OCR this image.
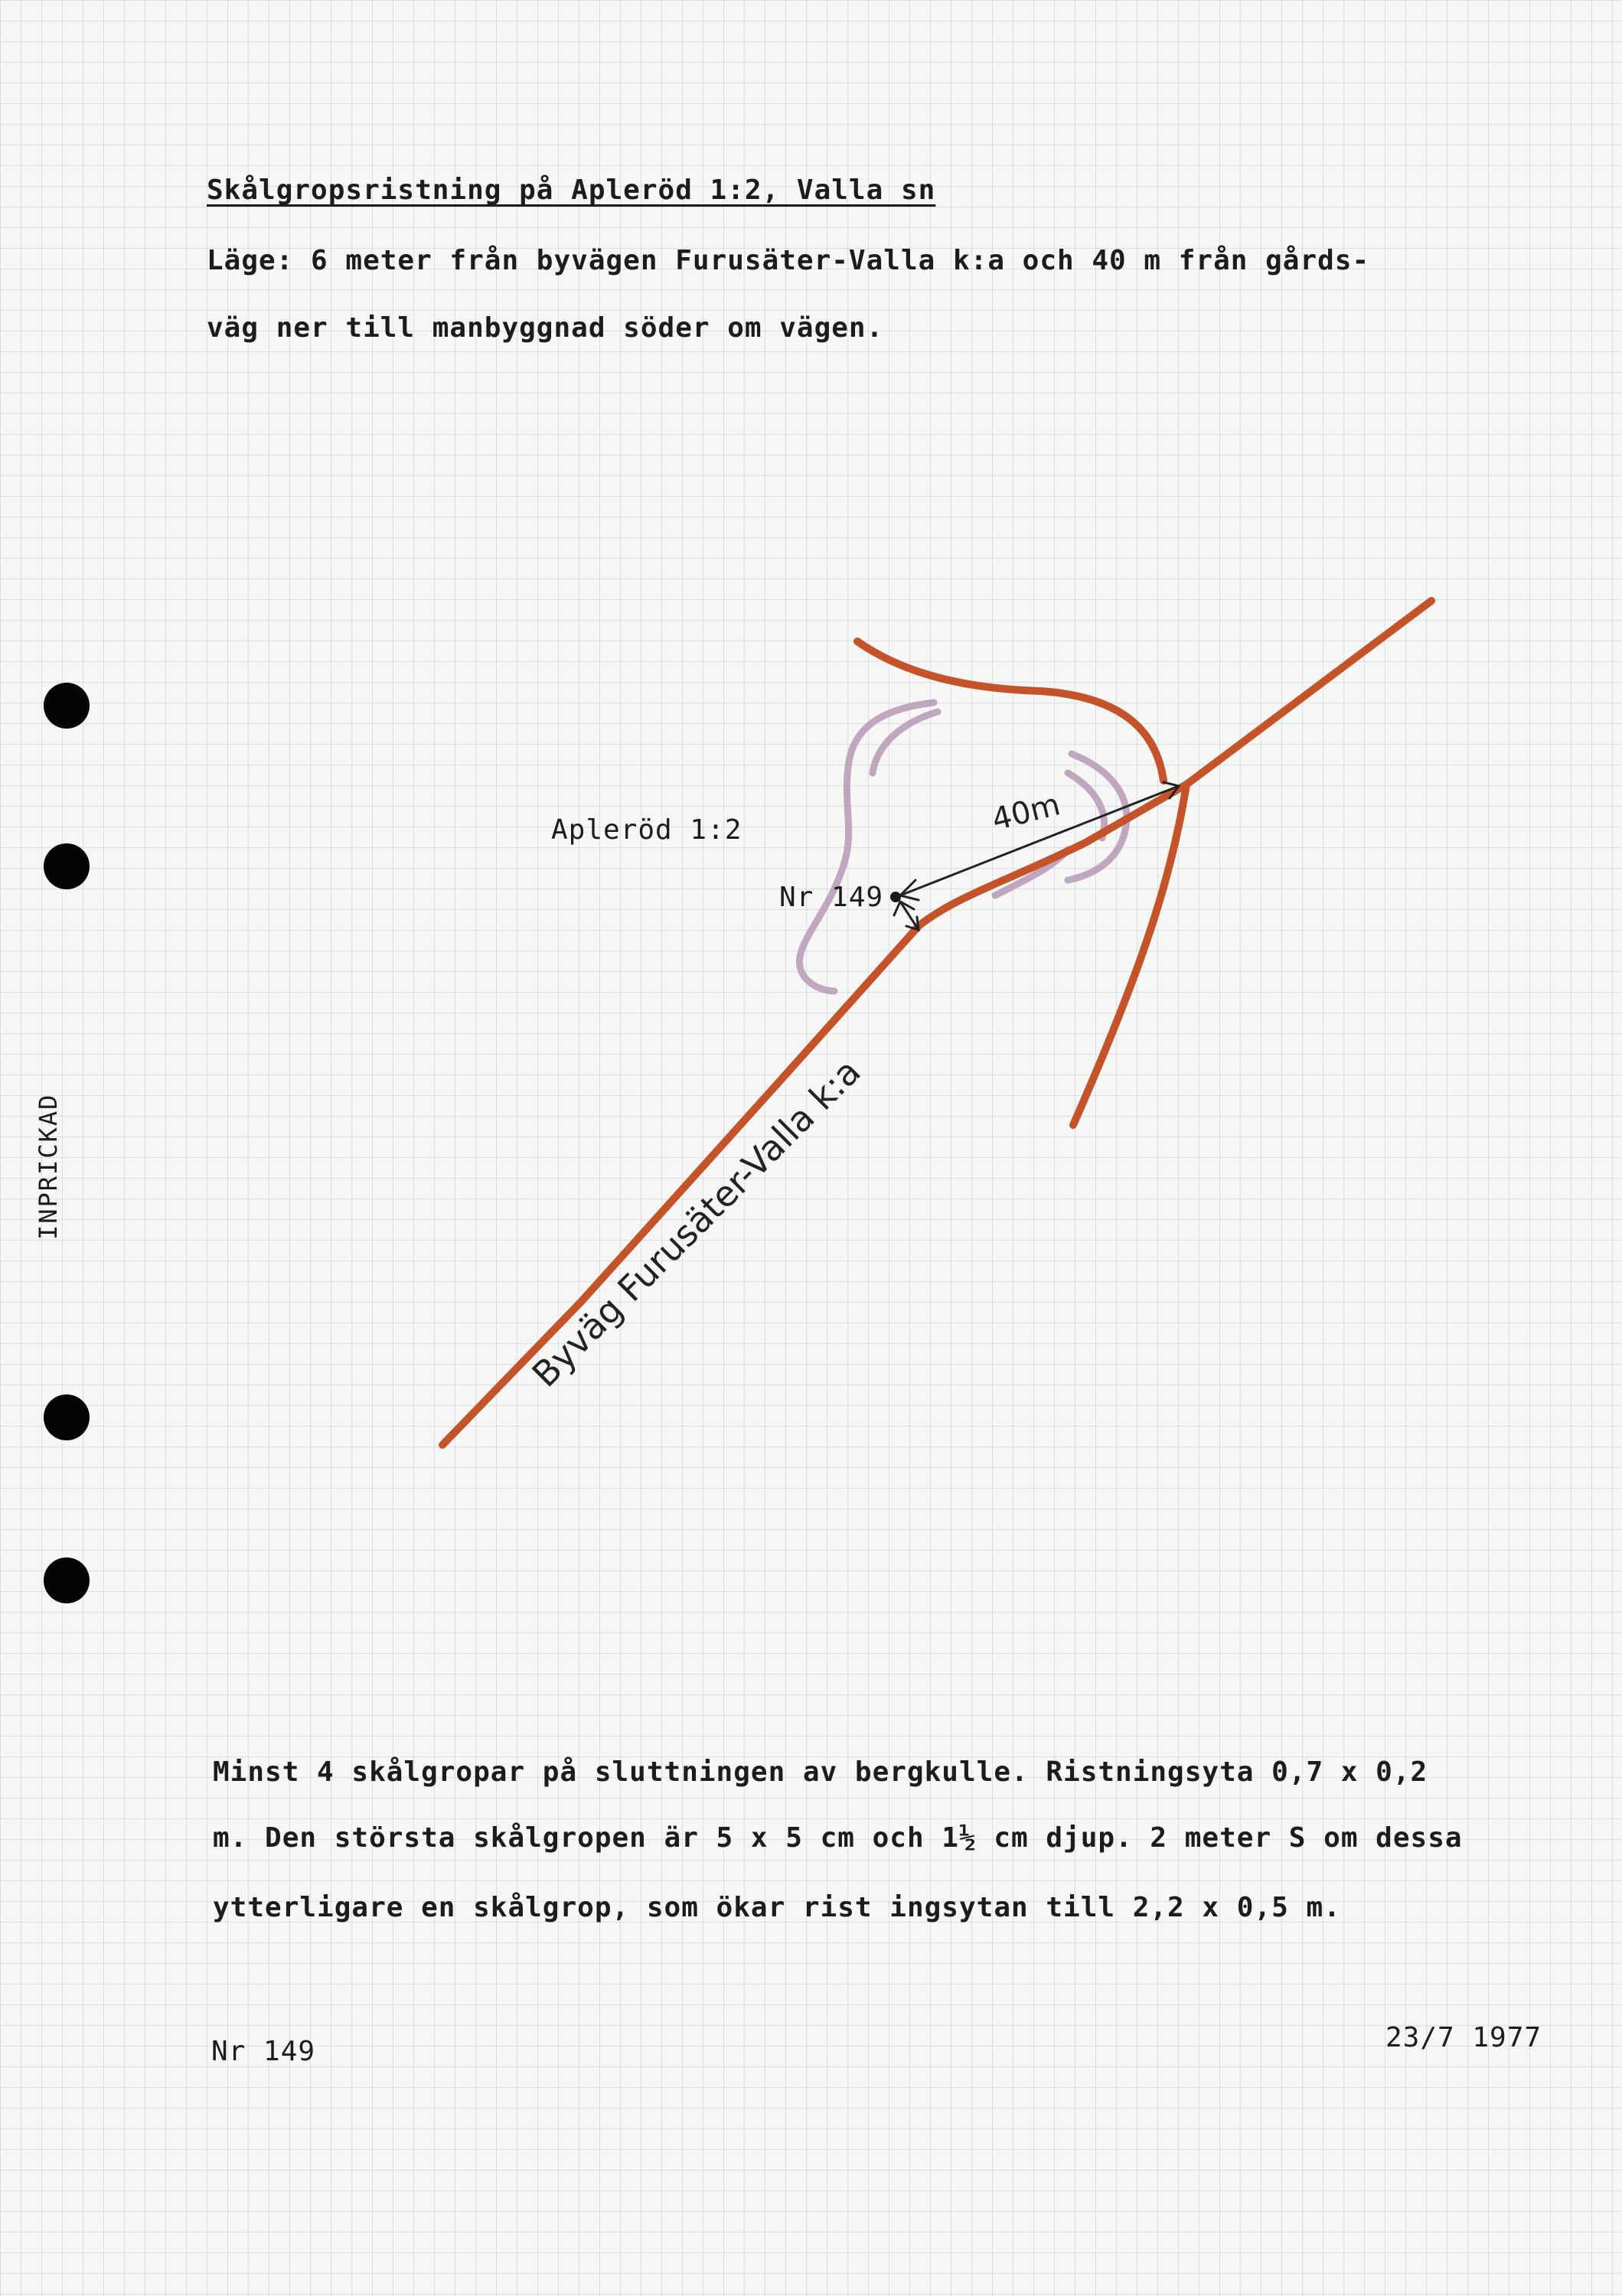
INPRICKAD
Skålgropsristning på Apleröd 1:2, Valla sn
Läge: 6 meter från byvägen Furusäter-Valla k:a och 40 m från gårds-
väg ner till manbyggnad söder om vägen.
40m
Byväg Furusäter-Valla k:a
Apleröd 1:2
Nr 149
Minst 4 skålgropar på sluttningen av bergkulle. Ristningsyta 0,7 x 0,2
m. Den största skålgropen är 5 x 5 cm och 1½ cm djup. 2 meter S om dessa
ytterligare en skålgrop, som ökar rist ingsytan till 2,2 x 0,5 m.
Nr 149	23/7 1977
